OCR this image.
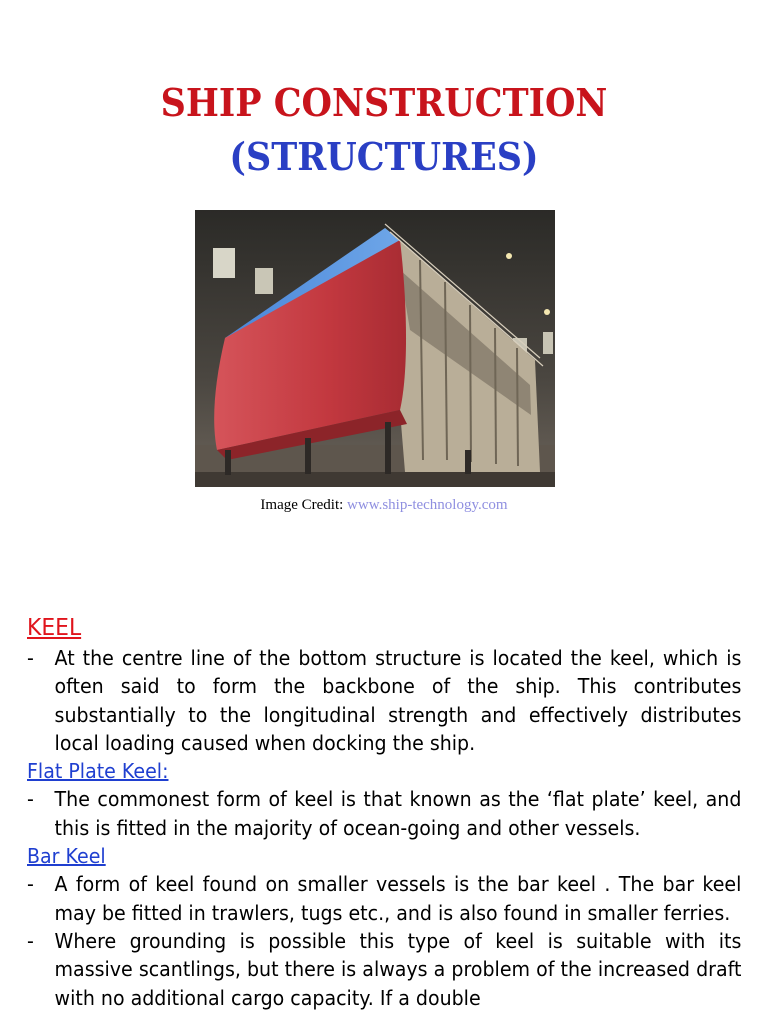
SHIP CONSTRUCTION
(STRUCTURES)
Image Credit: www.ship-technology.com
KEEL
- At the centre line of the bottom structure is located the keel, which is often said to form the backbone of the ship. This contributes substantially to the longitudinal strength and effectively distributes local loading caused when docking the ship.

Flat Plate Keel:
- The commonest form of keel is that known as the ‘flat plate’ keel, and this is fitted in the majority of ocean-going and other vessels.

Bar Keel
- A form of keel found on smaller vessels is the bar keel . The bar keel may be fitted in trawlers, tugs etc., and is also found in smaller ferries.

- Where grounding is possible this type of keel is suitable with its massive scantlings, but there is always a problem of the increased draft with no additional cargo capacity. If a double
